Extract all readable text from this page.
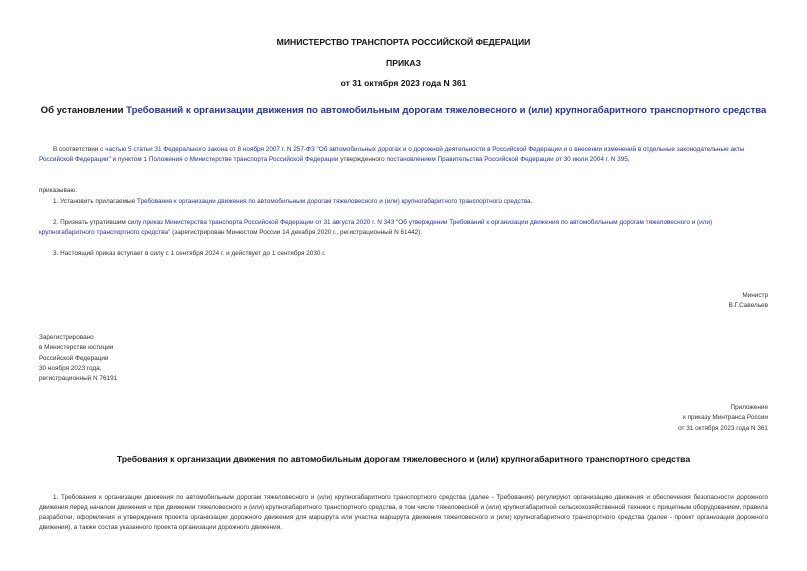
МИНИСТЕРСТВО ТРАНСПОРТА РОССИЙСКОЙ ФЕДЕРАЦИИ
ПРИКАЗ
от 31 октября 2023 года N 361
Об установлении Требований к организации движения по автомобильным дорогам тяжеловесного и (или) крупногабаритного транспортного средства
В соответствии с частью 5 статьи 31 Федерального закона от 8 ноября 2007 г. N 257-ФЗ "Об автомобильных дорогах и о дорожной деятельности в Российской Федерации и о внесении изменений в отдельные законодательные акты Российской Федерации" и пунктом 1 Положения о Министерстве транспорта Российской Федерации утвержденного постановлением Правительства Российской Федерации от 30 июля 2004 г. N 395,
приказываю:
1. Установить прилагаемые Требования к организации движения по автомобильным дорогам тяжеловесного и (или) крупногабаритного транспортного средства.
2. Признать утратившим силу приказ Министерства транспорта Российской Федерации от 31 августа 2020 г. N 343 "Об утверждении Требований к организации движения по автомобильным дорогам тяжеловесного и (или) крупногабаритного транспортного средства" (зарегистрирован Минюстом России 14 декабря 2020 г., регистрационный N 61442).
3. Настоящий приказ вступает в силу с 1 сентября 2024 г. и действует до 1 сентября 2030 г.
Министр
В.Г.Савельев
Зарегистрировано
в Министерстве юстиции
Российской Федерации
30 ноября 2023 года,
регистрационный N 76191
Приложение
к приказу Минтранса России
от 31 октября 2023 года N 361
Требования к организации движения по автомобильным дорогам тяжеловесного и (или) крупногабаритного транспортного средства
1. Требования к организации движения по автомобильным дорогам тяжеловесного и (или) крупногабаритного транспортного средства (далее - Требования) регулируют организацию движения и обеспечения безопасности дорожного движения перед началом движения и при движении тяжеловесного и (или) крупногабаритного транспортного средства, в том числе тяжеловесной и (или) крупногабаритной сельскохозяйственной техники с прицепным оборудованием, правила разработки, оформления и утверждения проекта организации дорожного движения для маршрута или участка маршрута движения тяжеловесного и (или) крупногабаритного транспортного средства (далее - проект организации дорожного движения), а также состав указанного проекта организации дорожного движения.
